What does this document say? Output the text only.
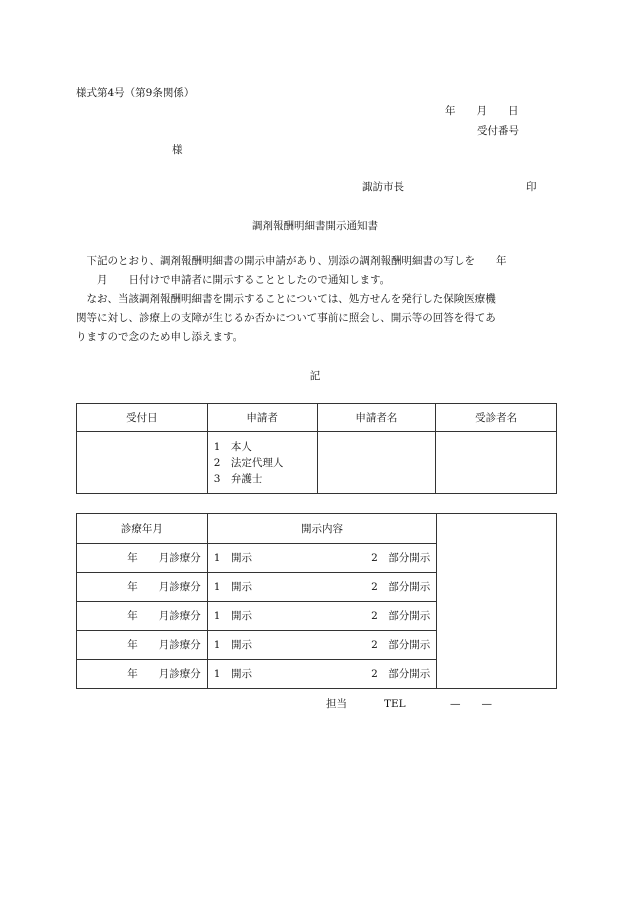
様式第4号（第9条関係）
年　　月　　日
受付番号
様
諏訪市長	印
調剤報酬明細書開示通知書

　下記のとおり、調剤報酬明細書の開示申請があり、別添の調剤報酬明細書の写しを　　年

　　月　　日付けで申請者に開示することとしたので通知します。

　なお、当該調剤報酬明細書を開示することについては、処方せんを発行した保険医療機

関等に対し、診療上の支障が生じるか否かについて事前に照会し、開示等の回答を得てあ

りますので念のため申し添えます。

記
受付日	申請者	申請者名	受診者名

	1　本人
2　法定代理人
3　弁護士		

診療年月	開示内容	
年　　月診療分	1　開示 2　部分開示	

年　　月診療分	1　開示 2　部分開示	

年　　月診療分	1　開示 2　部分開示	

年　　月診療分	1　開示 2　部分開示	

年　　月診療分	1　開示 2　部分開示	
担当	TEL	—　　—
